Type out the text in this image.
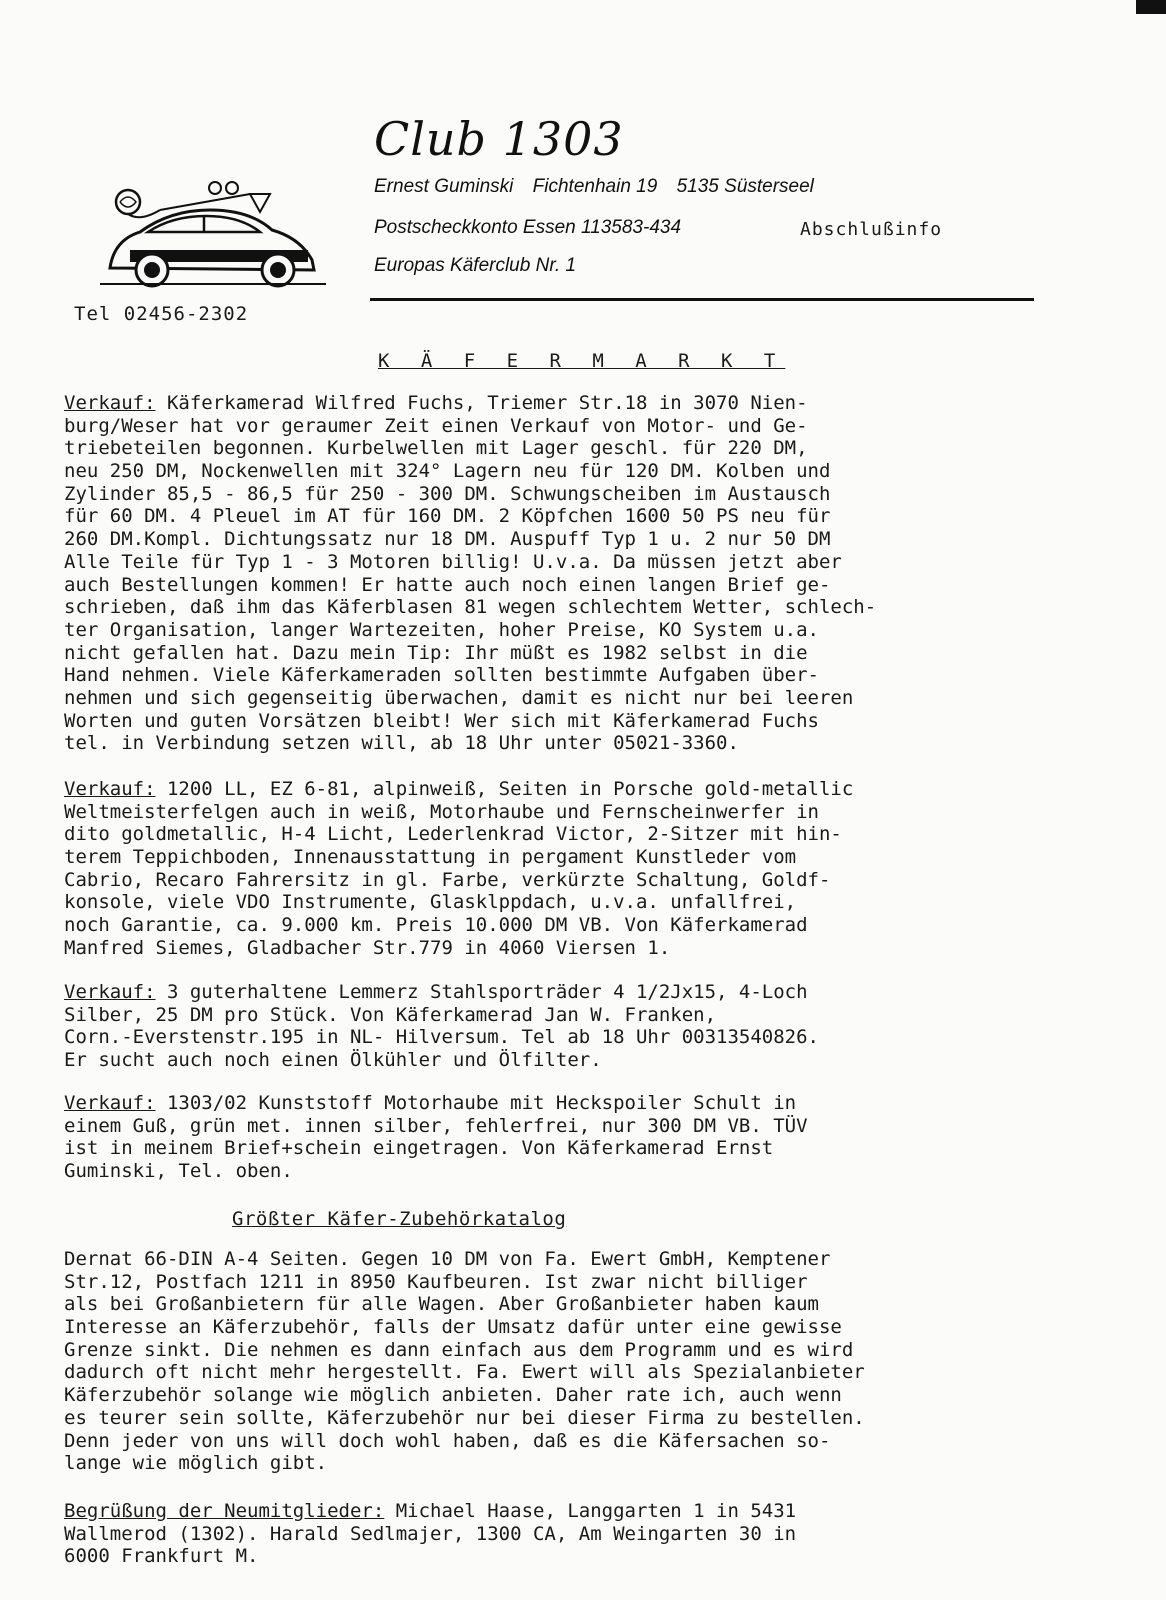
Club 1303
Ernest Guminski Fichtenhain 19 5135 Süsterseel
Postscheckkonto Essen 113583-434	Abschlußinfo
Europas Käferclub Nr. 1
Tel 02456-2302
K Ä F E R M A R K T
Verkauf: Käferkamerad Wilfred Fuchs, Triemer Str.18 in 3070 Nien-
burg/Weser hat vor geraumer Zeit einen Verkauf von Motor- und Ge-
triebeteilen begonnen. Kurbelwellen mit Lager geschl. für 220 DM,
neu 250 DM, Nockenwellen mit 324° Lagern neu für 120 DM. Kolben und
Zylinder 85,5 - 86,5 für 250 - 300 DM. Schwungscheiben im Austausch
für 60 DM. 4 Pleuel im AT für 160 DM. 2 Köpfchen 1600 50 PS neu für
260 DM.Kompl. Dichtungssatz nur 18 DM. Auspuff Typ 1 u. 2 nur 50 DM
Alle Teile für Typ 1 - 3 Motoren billig! U.v.a. Da müssen jetzt aber
auch Bestellungen kommen! Er hatte auch noch einen langen Brief ge-
schrieben, daß ihm das Käferblasen 81 wegen schlechtem Wetter, schlech-
ter Organisation, langer Wartezeiten, hoher Preise, KO System u.a.
nicht gefallen hat. Dazu mein Tip: Ihr müßt es 1982 selbst in die
Hand nehmen. Viele Käferkameraden sollten bestimmte Aufgaben über-
nehmen und sich gegenseitig überwachen, damit es nicht nur bei leeren
Worten und guten Vorsätzen bleibt! Wer sich mit Käferkamerad Fuchs
tel. in Verbindung setzen will, ab 18 Uhr unter 05021-3360.
Verkauf: 1200 LL, EZ 6-81, alpinweiß, Seiten in Porsche gold-metallic
Weltmeisterfelgen auch in weiß, Motorhaube und Fernscheinwerfer in
dito goldmetallic, H-4 Licht, Lederlenkrad Victor, 2-Sitzer mit hin-
terem Teppichboden, Innenausstattung in pergament Kunstleder vom
Cabrio, Recaro Fahrersitz in gl. Farbe, verkürzte Schaltung, Goldf-
konsole, viele VDO Instrumente, Glasklppdach, u.v.a. unfallfrei,
noch Garantie, ca. 9.000 km. Preis 10.000 DM VB. Von Käferkamerad
Manfred Siemes, Gladbacher Str.779 in 4060 Viersen 1.
Verkauf: 3 guterhaltene Lemmerz Stahlsporträder 4 1/2Jx15, 4-Loch
Silber, 25 DM pro Stück. Von Käferkamerad Jan W. Franken,
Corn.-Everstenstr.195 in NL- Hilversum. Tel ab 18 Uhr 00313540826.
Er sucht auch noch einen Ölkühler und Ölfilter.
Verkauf: 1303/02 Kunststoff Motorhaube mit Heckspoiler Schult in
einem Guß, grün met. innen silber, fehlerfrei, nur 300 DM VB. TÜV
ist in meinem Brief+schein eingetragen. Von Käferkamerad Ernst
Guminski, Tel. oben.
Größter Käfer-Zubehörkatalog
Dernat 66-DIN A-4 Seiten. Gegen 10 DM von Fa. Ewert GmbH, Kemptener
Str.12, Postfach 1211 in 8950 Kaufbeuren. Ist zwar nicht billiger
als bei Großanbietern für alle Wagen. Aber Großanbieter haben kaum
Interesse an Käferzubehör, falls der Umsatz dafür unter eine gewisse
Grenze sinkt. Die nehmen es dann einfach aus dem Programm und es wird
dadurch oft nicht mehr hergestellt. Fa. Ewert will als Spezialanbieter
Käferzubehör solange wie möglich anbieten. Daher rate ich, auch wenn
es teurer sein sollte, Käferzubehör nur bei dieser Firma zu bestellen.
Denn jeder von uns will doch wohl haben, daß es die Käfersachen so-
lange wie möglich gibt.
Begrüßung der Neumitglieder: Michael Haase, Langgarten 1 in 5431
Wallmerod (1302). Harald Sedlmajer, 1300 CA, Am Weingarten 30 in
6000 Frankfurt M.
